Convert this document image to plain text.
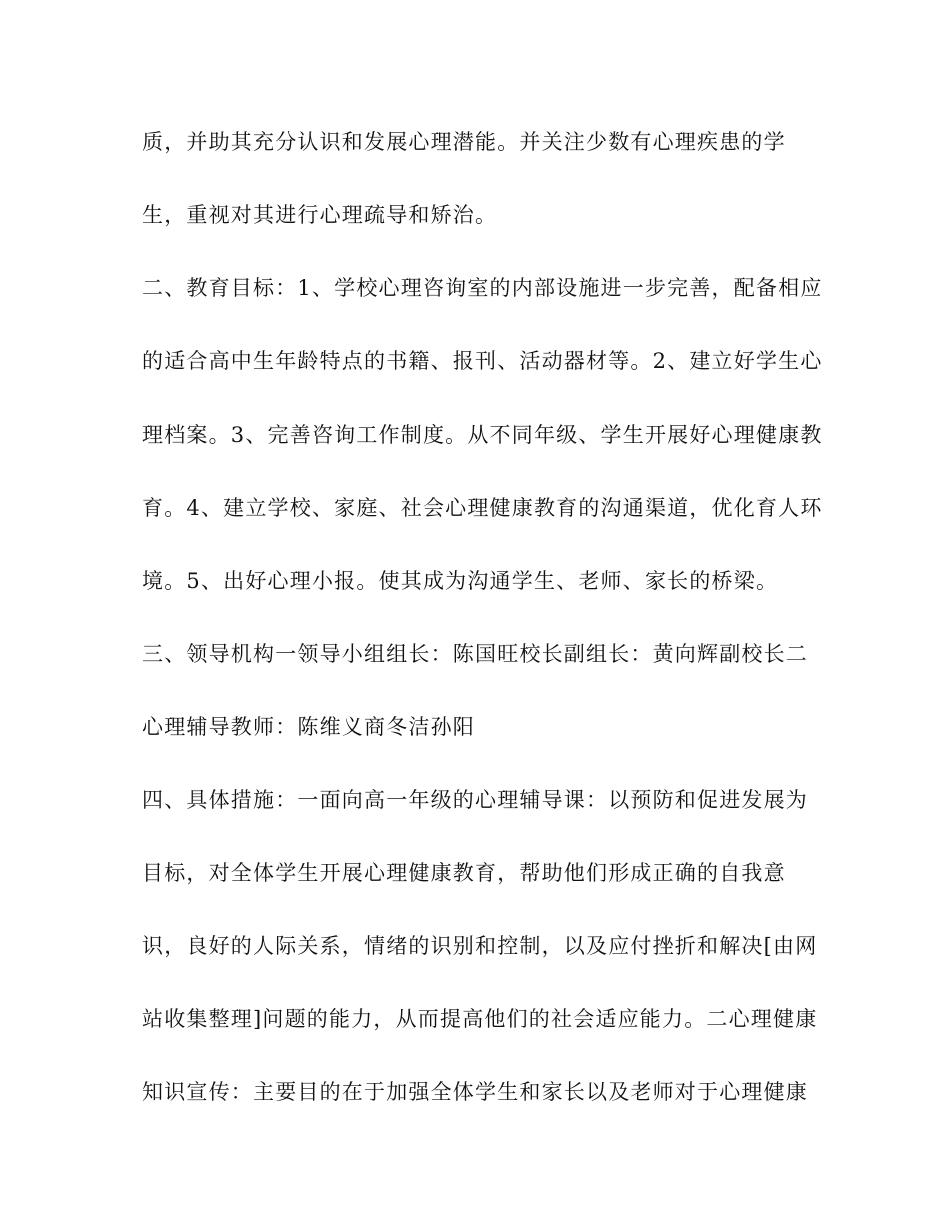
质，并助其充分认识和发展心理潜能。并关注少数有心理疾患的学
生，重视对其进行心理疏导和矫治。
二、教育目标：1、学校心理咨询室的内部设施进一步完善，配备相应
的适合高中生年龄特点的书籍、报刊、活动器材等。2、建立好学生心
理档案。3、完善咨询工作制度。从不同年级、学生开展好心理健康教
育。4、建立学校、家庭、社会心理健康教育的沟通渠道，优化育人环
境。5、出好心理小报。使其成为沟通学生、老师、家长的桥梁。
三、领导机构一领导小组组长：陈国旺校长副组长：黄向辉副校长二
心理辅导教师：陈维义商冬洁孙阳
四、具体措施：一面向高一年级的心理辅导课：以预防和促进发展为
目标，对全体学生开展心理健康教育，帮助他们形成正确的自我意
识，良好的人际关系，情绪的识别和控制，以及应付挫折和解决[由网
站收集整理]问题的能力，从而提高他们的社会适应能力。二心理健康
知识宣传：主要目的在于加强全体学生和家长以及老师对于心理健康
